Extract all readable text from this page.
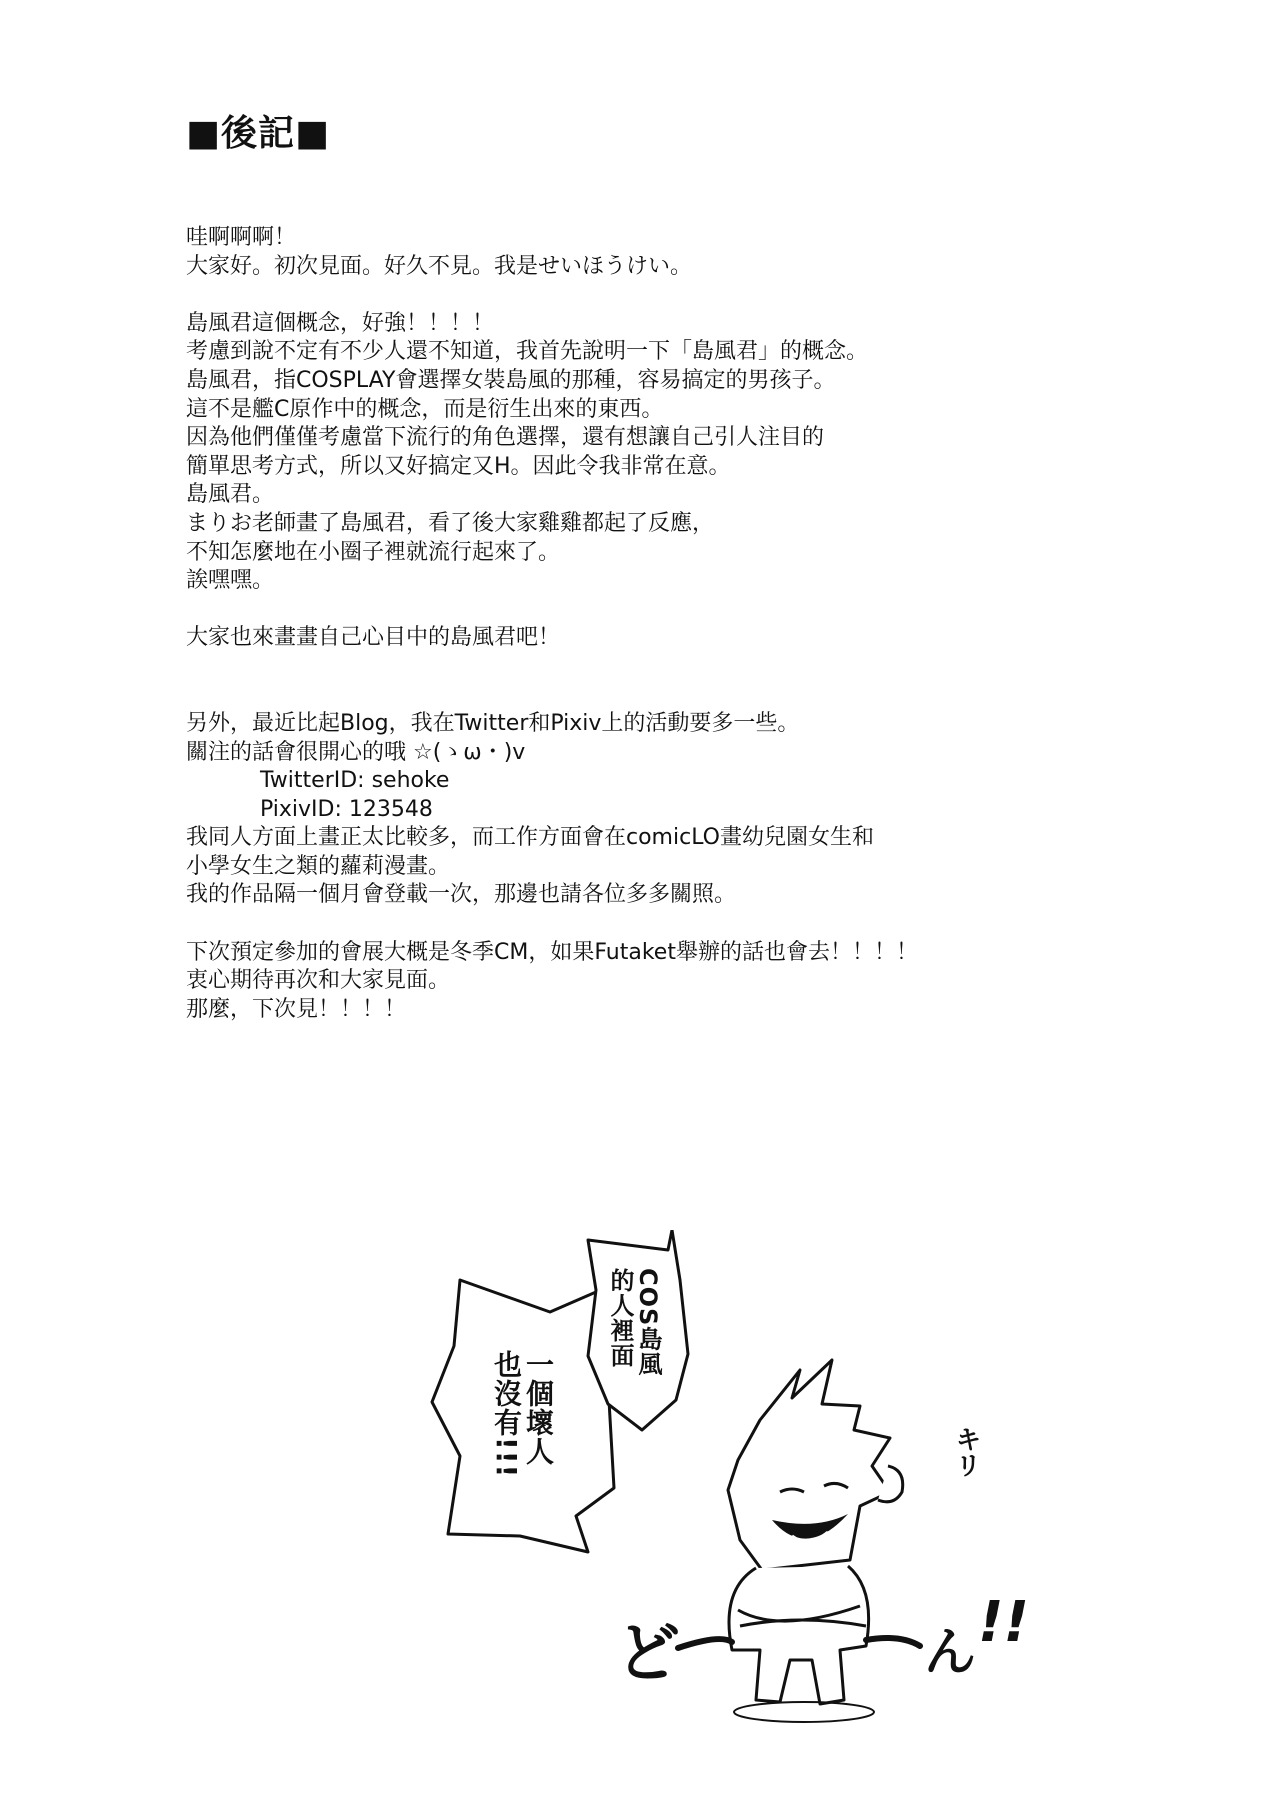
■後記■
哇啊啊啊！
大家好。初次見面。好久不見。我是せいほうけい。
島風君這個概念，好強！！！！
考慮到說不定有不少人還不知道，我首先說明一下「島風君」的概念。
島風君，指COSPLAY會選擇女裝島風的那種，容易搞定的男孩子。
這不是艦C原作中的概念，而是衍生出來的東西。
因為他們僅僅考慮當下流行的角色選擇，還有想讓自己引人注目的
簡單思考方式，所以又好搞定又H。因此令我非常在意。
島風君。
まりお老師畫了島風君，看了後大家雞雞都起了反應，
不知怎麼地在小圈子裡就流行起來了。
誒嘿嘿。
大家也來畫畫自己心目中的島風君吧！
另外，最近比起Blog，我在Twitter和Pixiv上的活動要多一些。
關注的話會很開心的哦 ☆(ゝω・)v
TwitterID: sehoke
PixivID: 123548
我同人方面上畫正太比較多，而工作方面會在comicLO畫幼兒園女生和
小學女生之類的蘿莉漫畫。
我的作品隔一個月會登載一次，那邊也請各位多多關照。
下次預定參加的會展大概是冬季CM，如果Futaket舉辦的話也會去！！！！
衷心期待再次和大家見面。
那麼，下次見！！！！
COS島風
的人裡面
一個壞人
也沒有!!!	キリ
ど	ん !!
